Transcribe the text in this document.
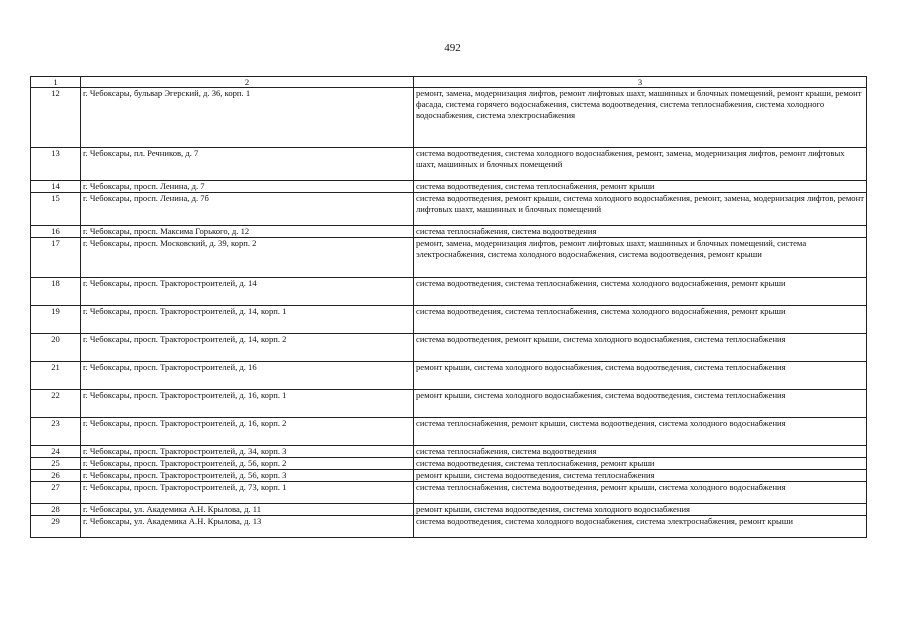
492
1	2	3
12	г. Чебоксары, бульвар Эгерский, д. 36, корп. 1	ремонт, замена, модернизация лифтов, ремонт лифтовых шахт, машинных и блочных помещений, ремонт крыши, ремонт фасада, система горячего водоснабжения, система водоотведения, система теплоснабжения, система холодного водоснабжения, система электроснабжения
13	г. Чебоксары, пл. Речников, д. 7	система водоотведения, система холодного водоснабжения, ремонт, замена, модернизация лифтов, ремонт лифтовых шахт, машинных и блочных помещений
14	г. Чебоксары, просп. Ленина, д. 7	система водоотведения, система теплоснабжения, ремонт крыши
15	г. Чебоксары, просп. Ленина, д. 7б	система водоотведения, ремонт крыши, система холодного водоснабжения, ремонт, замена, модернизация лифтов, ремонт лифтовых шахт, машинных и блочных помещений
16	г. Чебоксары, просп. Максима Горького, д. 12	система теплоснабжения, система водоотведения
17	г. Чебоксары, просп. Московский, д. 39, корп. 2	ремонт, замена, модернизация лифтов, ремонт лифтовых шахт, машинных и блочных помещений, система электроснабжения, система холодного водоснабжения, система водоотведения, ремонт крыши
18	г. Чебоксары, просп. Тракторостроителей, д. 14	система водоотведения, система теплоснабжения, система холодного водоснабжения, ремонт крыши
19	г. Чебоксары, просп. Тракторостроителей, д. 14, корп. 1	система водоотведения, система теплоснабжения, система холодного водоснабжения, ремонт крыши
20	г. Чебоксары, просп. Тракторостроителей, д. 14, корп. 2	система водоотведения, ремонт крыши, система холодного водоснабжения, система теплоснабжения
21	г. Чебоксары, просп. Тракторостроителей, д. 16	ремонт крыши, система холодного водоснабжения, система водоотведения, система теплоснабжения
22	г. Чебоксары, просп. Тракторостроителей, д. 16, корп. 1	ремонт крыши, система холодного водоснабжения, система водоотведения, система теплоснабжения
23	г. Чебоксары, просп. Тракторостроителей, д. 16, корп. 2	система теплоснабжения, ремонт крыши, система водоотведения, система холодного водоснабжения
24	г. Чебоксары, просп. Тракторостроителей, д. 34, корп. 3	система теплоснабжения, система водоотведения
25	г. Чебоксары, просп. Тракторостроителей, д. 56, корп. 2	система водоотведения, система теплоснабжения, ремонт крыши
26	г. Чебоксары, просп. Тракторостроителей, д. 56, корп. 3	ремонт крыши, система водоотведения, система теплоснабжения
27	г. Чебоксары, просп. Тракторостроителей, д. 73, корп. 1	система теплоснабжения, система водоотведения, ремонт крыши, система холодного водоснабжения
28	г. Чебоксары, ул. Академика А.Н. Крылова, д. 11	ремонт крыши, система водоотведения, система холодного водоснабжения
29	г. Чебоксары, ул. Академика А.Н. Крылова, д. 13	система водоотведения, система холодного водоснабжения, система электроснабжения, ремонт крыши
